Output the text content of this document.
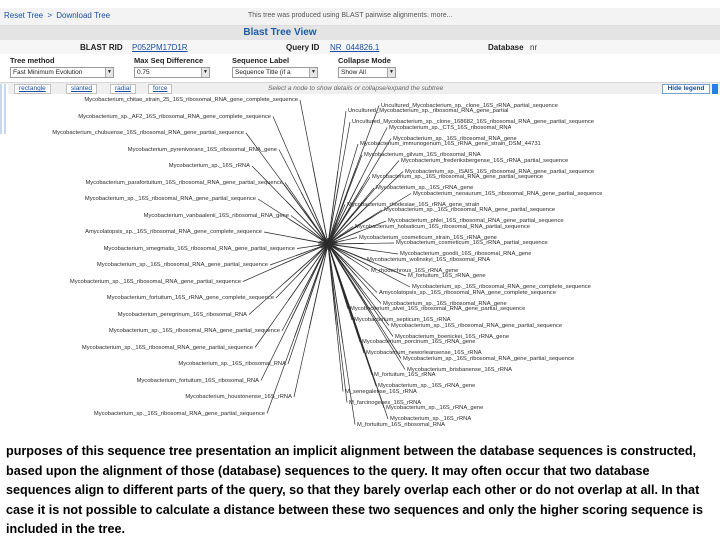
Reset Tree > Download Tree	This tree was produced using BLAST pairwise alignments. more...
Blast Tree View
BLAST RID P052PM17D1R	Query ID NR_044826.1	Database nr
Tree method	Max Seq Difference	Sequence Label	Collapse Mode
Fast Minimum Evolution	▼	0.75	▼	Sequence Title (if a	▼	Show All	▼
rectangle	slanted	radial	force	Select a node to show details or collapse/expand the subtree	Hide legend
Mycobacterium_chitae_strain_25_16S_ribosomal_RNA_gene_complete_sequence
Uncultured_Mycobacterium_sp._clone_16S_rRNA_partial_sequence
Uncultured_Mycobacterium_sp._ribosomal_RNA_gene_partial
Mycobacterium_sp._AF2_16S_ribosomal_RNA_gene_complete_sequence
Uncultured_Mycobacterium_sp._clone_168682_16S_ribosomal_RNA_gene_partial_sequence
Mycobacterium_sp._CTS_16S_ribosomal_RNA
Mycobacterium_chubuense_16S_ribosomal_RNA_gene_partial_sequence
Mycobacterium_sp._16S_ribosomal_RNA_gene
Mycobacterium_immunogenum_16S_rRNA_gene_strain_DSM_44731
Mycobacterium_pyrenivorans_16S_ribosomal_RNA_gene
Mycobacterium_gilvum_16S_ribosomal_RNA
Mycobacterium_frederiksbergense_16S_rRNA_partial_sequence
Mycobacterium_sp._16S_rRNA
Mycobacterium_sp._ISAIS_16S_ribosomal_RNA_gene_partial_sequence
Mycobacterium_sp._16S_ribosomal_RNA_gene_partial_sequence
Mycobacterium_parafortuitum_16S_ribosomal_RNA_gene_partial_sequence
Mycobacterium_sp._16S_rRNA_gene
Mycobacterium_neoaurum_16S_ribosomal_RNA_gene_partial_sequence
Mycobacterium_sp._16S_ribosomal_RNA_gene_partial_sequence
Mycobacterium_rhodesiae_16S_rRNA_gene_strain
Mycobacterium_sp._16S_ribosomal_RNA_gene_partial_sequence
Mycobacterium_vanbaalenii_16S_ribosomal_RNA_gene
Mycobacterium_phlei_16S_ribosomal_RNA_gene_partial_sequence
Mycobacterium_holsaticum_16S_ribosomal_RNA_partial_sequence
Amycolatopsis_sp._16S_ribosomal_RNA_gene_complete_sequence
Mycobacterium_cosmeticum_strain_16S_rRNA_gene
Mycobacterium_cosmeticum_16S_rRNA_partial_sequence
Mycobacterium_smegmatis_16S_ribosomal_RNA_gene_partial_sequence
Mycobacterium_goodii_16S_ribosomal_RNA_gene
Mycobacterium_wolinskyi_16S_ribosomal_RNA
Mycobacterium_sp._16S_ribosomal_RNA_gene_partial_sequence
M_rhodochrous_16S_rRNA_gene
M_fortuitum_16S_rRNA_gene
Mycobacterium_sp._16S_ribosomal_RNA_gene_partial_sequence
Mycobacterium_sp._16S_ribosomal_RNA_gene_complete_sequence
Amycolatopsis_sp._16S_ribosomal_RNA_gene_complete_sequence
Mycobacterium_fortuitum_16S_rRNA_gene_complete_sequence
Mycobacterium_sp._16S_ribosomal_RNA_gene
Mycobacterium_alvei_16S_ribosomal_RNA_gene_partial_sequence
Mycobacterium_peregrinum_16S_ribosomal_RNA
Mycobacterium_septicum_16S_rRNA
Mycobacterium_sp._16S_ribosomal_RNA_gene_partial_sequence
Mycobacterium_sp._16S_ribosomal_RNA_gene_partial_sequence
Mycobacterium_boenickei_16S_rRNA_gene
Mycobacterium_porcinum_16S_rRNA_gene
Mycobacterium_sp._16S_ribosomal_RNA_gene_partial_sequence
Mycobacterium_neworleansense_16S_rRNA
Mycobacterium_sp._16S_ribosomal_RNA_gene_partial_sequence
Mycobacterium_sp._16S_ribosomal_RNA
Mycobacterium_brisbanense_16S_rRNA
M_fortuitum_16S_rRNA
Mycobacterium_fortuitum_16S_ribosomal_RNA
Mycobacterium_sp._16S_rRNA_gene
M_senegalense_16S_rRNA
Mycobacterium_houstonense_16S_rRNA
M_farcinogenes_16S_rRNA
Mycobacterium_sp._16S_rRNA_gene
Mycobacterium_sp._16S_ribosomal_RNA_gene_partial_sequence
Mycobacterium_sp._16S_rRNA
M_fortuitum_16S_ribosomal_RNA
purposes of this sequence tree presentation an implicit alignment between the database sequences is constructed, based upon the alignment of those (database) sequences to the query. It may often occur that two database sequences align to different parts of the query, so that they barely overlap each other or do not overlap at all. In that case it is not possible to calculate a distance between these two sequences and only the higher scoring sequence is included in the tree.
